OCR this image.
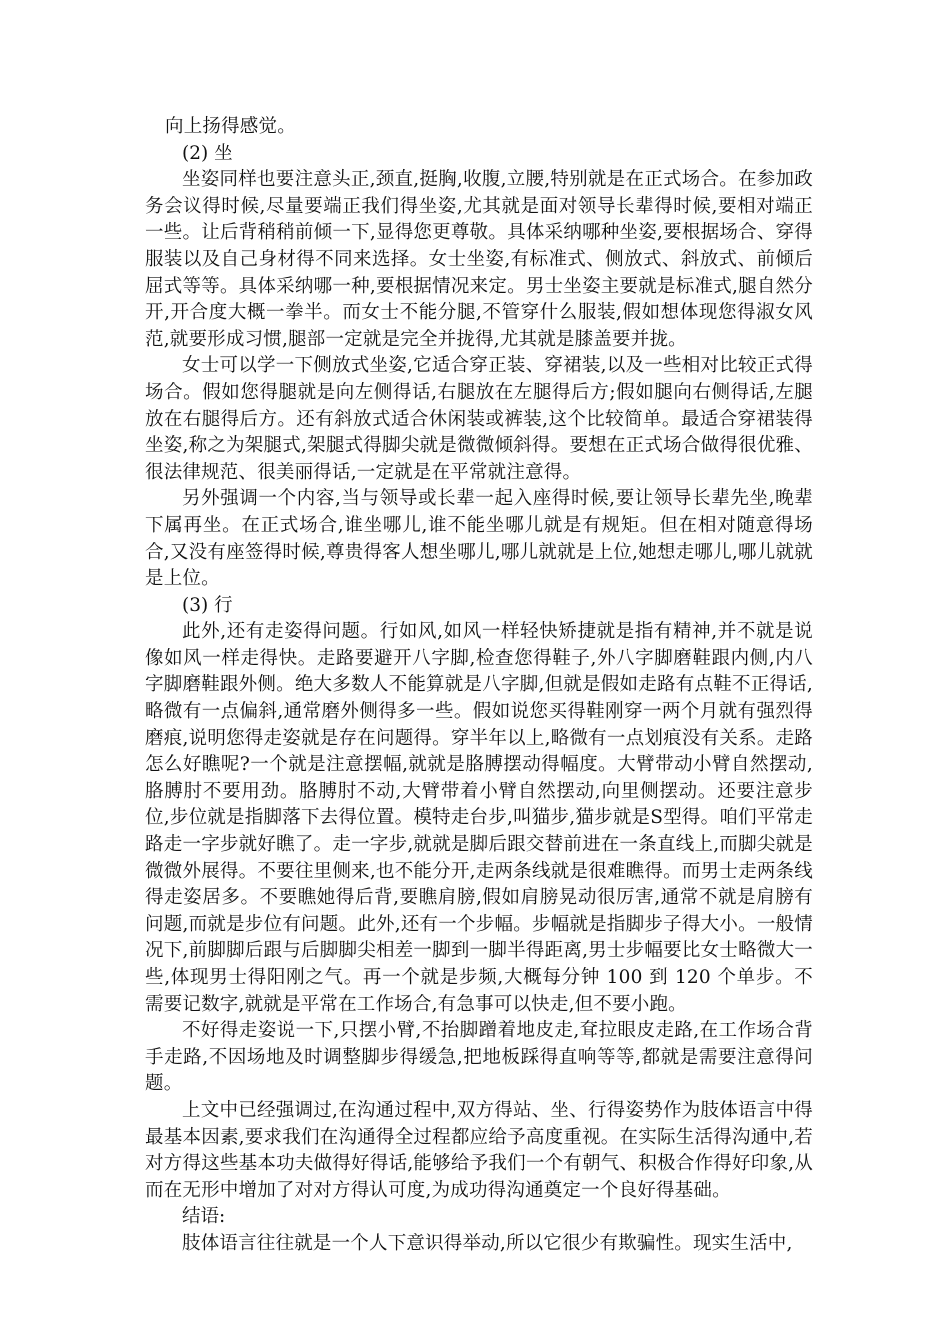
向上扬得感觉。

(2) 坐

坐姿同样也要注意头正,颈直,挺胸,收腹,立腰,特别就是在正式场合。在参加政务会议得时候,尽量要端正我们得坐姿,尤其就是面对领导长辈得时候,要相对端正一些。让后背稍稍前倾一下,显得您更尊敬。具体采纳哪种坐姿,要根据场合、穿得服装以及自己身材得不同来选择。女士坐姿,有标准式、侧放式、斜放式、前倾后屈式等等。具体采纳哪一种,要根据情况来定。男士坐姿主要就是标准式,腿自然分开,开合度大概一拳半。而女士不能分腿,不管穿什么服装,假如想体现您得淑女风范,就要形成习惯,腿部一定就是完全并拢得,尤其就是膝盖要并拢。

女士可以学一下侧放式坐姿,它适合穿正装、穿裙装,以及一些相对比较正式得场合。假如您得腿就是向左侧得话,右腿放在左腿得后方;假如腿向右侧得话,左腿放在右腿得后方。还有斜放式适合休闲装或裤装,这个比较简单。最适合穿裙装得坐姿,称之为架腿式,架腿式得脚尖就是微微倾斜得。要想在正式场合做得很优雅、很法律规范、很美丽得话,一定就是在平常就注意得。

另外强调一个内容,当与领导或长辈一起入座得时候,要让领导长辈先坐,晚辈下属再坐。在正式场合,谁坐哪儿,谁不能坐哪儿就是有规矩。但在相对随意得场合,又没有座签得时候,尊贵得客人想坐哪儿,哪儿就就是上位,她想走哪儿,哪儿就就是上位。

(3) 行

此外,还有走姿得问题。行如风,如风一样轻快矫捷就是指有精神,并不就是说像如风一样走得快。走路要避开八字脚,检查您得鞋子,外八字脚磨鞋跟内侧,内八字脚磨鞋跟外侧。绝大多数人不能算就是八字脚,但就是假如走路有点鞋不正得话,略微有一点偏斜,通常磨外侧得多一些。假如说您买得鞋刚穿一两个月就有强烈得磨痕,说明您得走姿就是存在问题得。穿半年以上,略微有一点划痕没有关系。走路怎么好瞧呢?一个就是注意摆幅,就就是胳膊摆动得幅度。大臂带动小臂自然摆动,胳膊肘不要用劲。胳膊肘不动,大臂带着小臂自然摆动,向里侧摆动。还要注意步位,步位就是指脚落下去得位置。模特走台步,叫猫步,猫步就是S型得。咱们平常走路走一字步就好瞧了。走一字步,就就是脚后跟交替前进在一条直线上,而脚尖就是微微外展得。不要往里侧来,也不能分开,走两条线就是很难瞧得。而男士走两条线得走姿居多。不要瞧她得后背,要瞧肩膀,假如肩膀晃动很厉害,通常不就是肩膀有问题,而就是步位有问题。此外,还有一个步幅。步幅就是指脚步子得大小。一般情况下,前脚脚后跟与后脚脚尖相差一脚到一脚半得距离,男士步幅要比女士略微大一些,体现男士得阳刚之气。再一个就是步频,大概每分钟 100 到 120 个单步。不需要记数字,就就是平常在工作场合,有急事可以快走,但不要小跑。

不好得走姿说一下,只摆小臂,不抬脚蹭着地皮走,耷拉眼皮走路,在工作场合背手走路,不因场地及时调整脚步得缓急,把地板踩得直响等等,都就是需要注意得问题。

上文中已经强调过,在沟通过程中,双方得站、坐、行得姿势作为肢体语言中得最基本因素,要求我们在沟通得全过程都应给予高度重视。在实际生活得沟通中,若对方得这些基本功夫做得好得话,能够给予我们一个有朝气、积极合作得好印象,从而在无形中增加了对对方得认可度,为成功得沟通奠定一个良好得基础。

结语:

肢体语言往往就是一个人下意识得举动,所以它很少有欺骗性。现实生活中,
